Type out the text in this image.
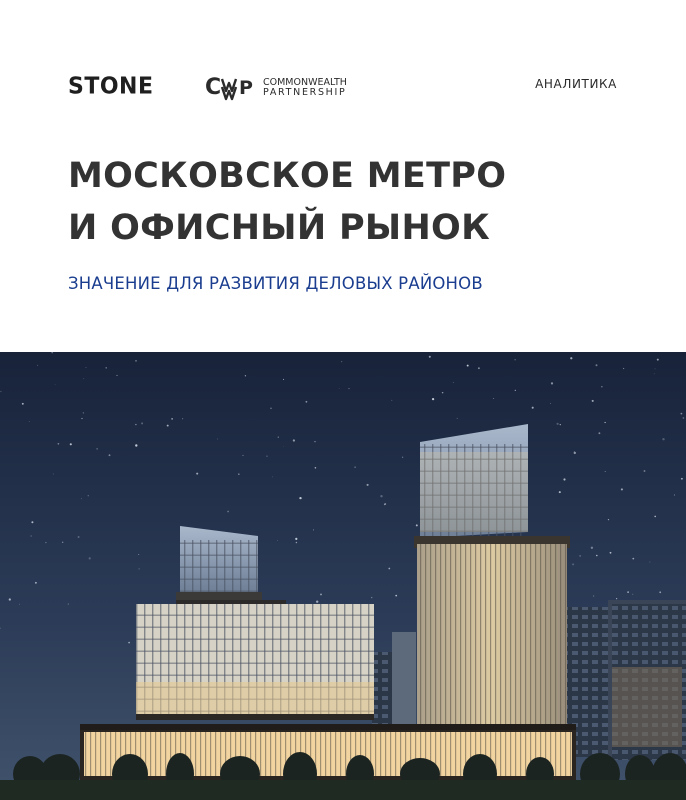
STONE C P COMMONWEALTH
PARTNERSHIP
АНАЛИТИКА
МОСКОВСКОЕ МЕТРО
И ОФИСНЫЙ РЫНОК
ЗНАЧЕНИЕ ДЛЯ РАЗВИТИЯ ДЕЛОВЫХ РАЙОНОВ
